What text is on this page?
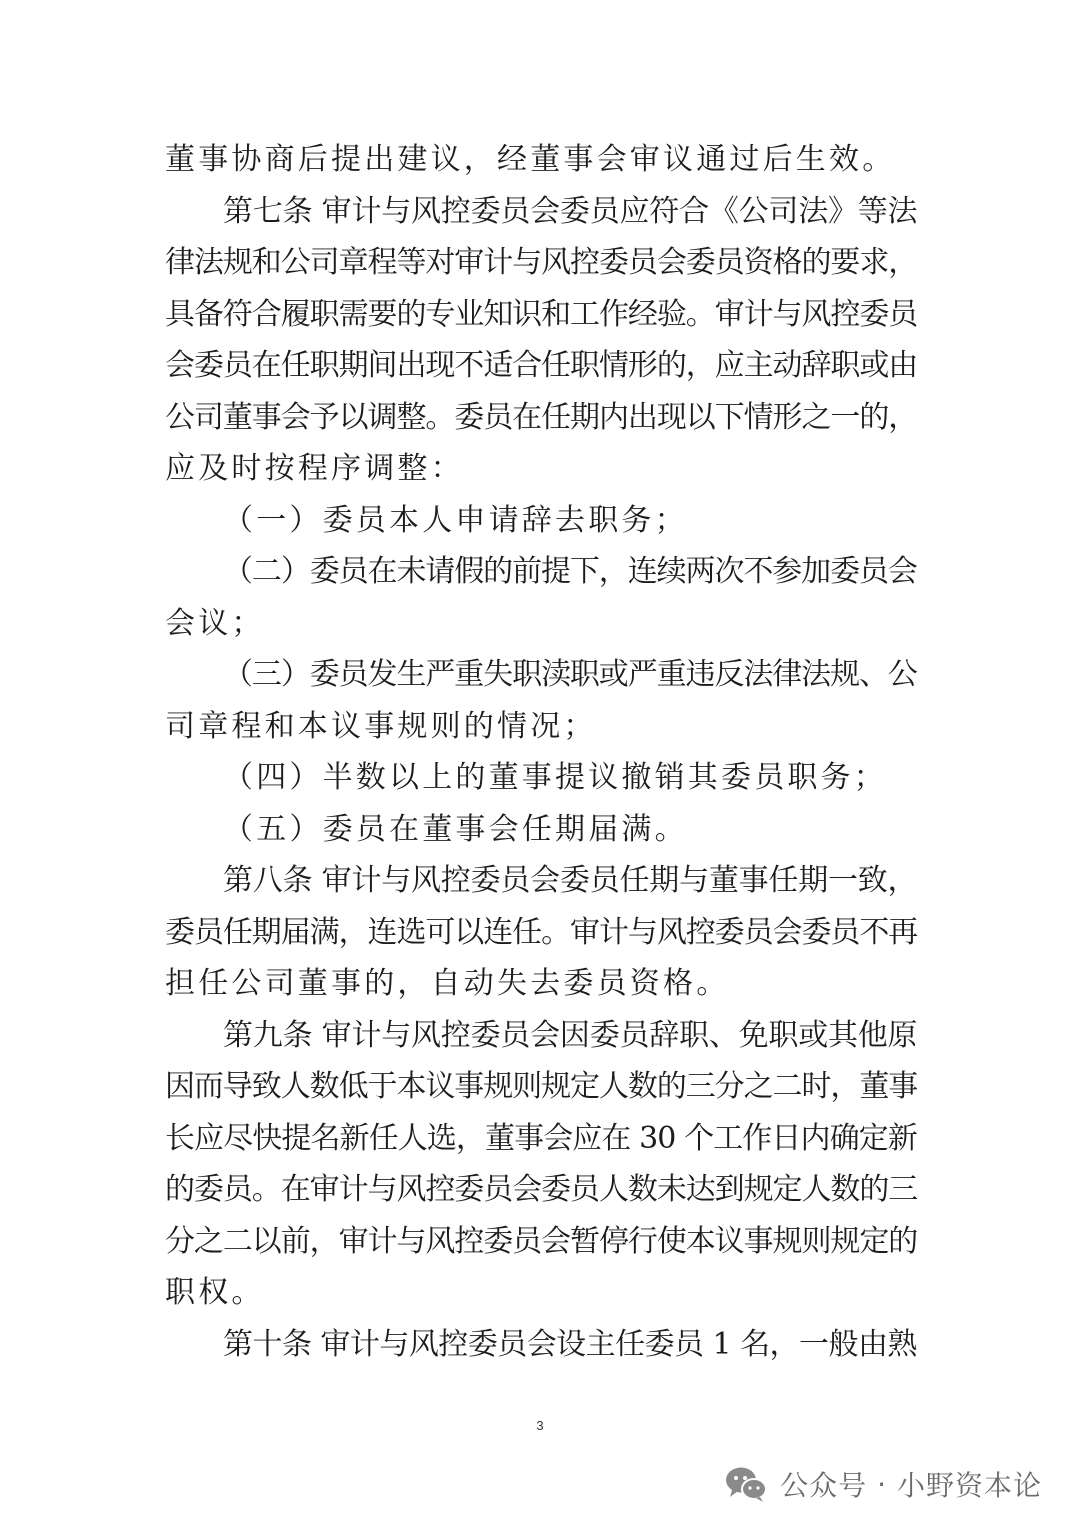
董事协商后提出建议，经董事会审议通过后生效。
第七条 审计与风控委员会委员应符合《公司法》等法
律法规和公司章程等对审计与风控委员会委员资格的要求，
具备符合履职需要的专业知识和工作经验。审计与风控委员
会委员在任职期间出现不适合任职情形的，应主动辞职或由
公司董事会予以调整。委员在任期内出现以下情形之一的，
应及时按程序调整：
（一）委员本人申请辞去职务；
（二）委员在未请假的前提下，连续两次不参加委员会
会议；
（三）委员发生严重失职渎职或严重违反法律法规、公
司章程和本议事规则的情况；
（四）半数以上的董事提议撤销其委员职务；
（五）委员在董事会任期届满。
第八条 审计与风控委员会委员任期与董事任期一致，
委员任期届满，连选可以连任。审计与风控委员会委员不再
担任公司董事的，自动失去委员资格。
第九条 审计与风控委员会因委员辞职、免职或其他原
因而导致人数低于本议事规则规定人数的三分之二时，董事
长应尽快提名新任人选，董事会应在 30 个工作日内确定新
的委员。在审计与风控委员会委员人数未达到规定人数的三
分之二以前，审计与风控委员会暂停行使本议事规则规定的
职权。
第十条 审计与风控委员会设主任委员 1 名，一般由熟
3
公众号 · 小野资本论
